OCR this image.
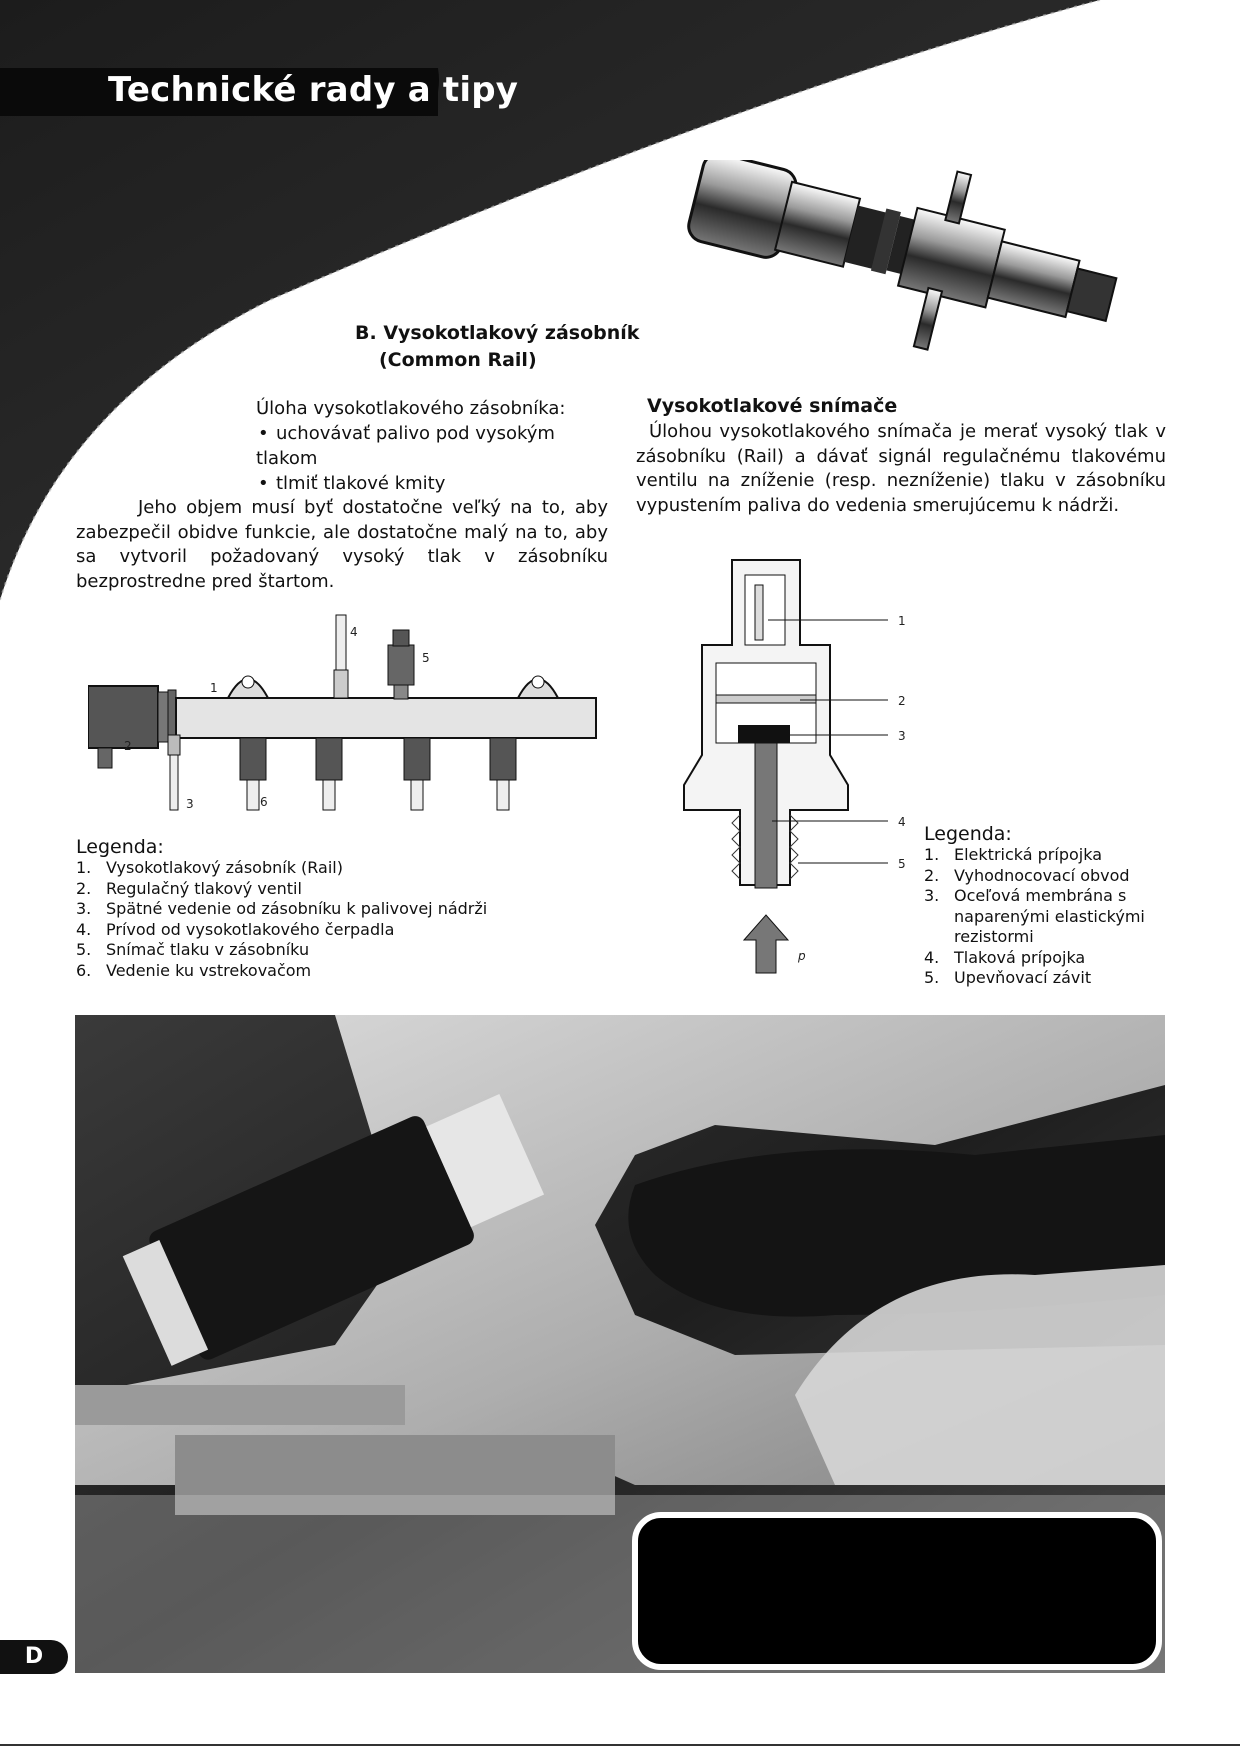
Technické rady a tipy
B. Vysokotlakový zásobník
(Common Rail)
Úloha vysokotlakového zásobníka:
• uchovávať palivo pod vysokým tlakom
• tlmiť tlakové kmity
Jeho objem musí byť dostatočne veľký na to, aby zabezpečil obidve funkcie, ale dostatočne malý na to, aby sa vytvoril požadovaný vysoký tlak v zásobníku bezprostredne pred štartom.
Vysokotlakové snímače
Úlohou vysokotlakového snímača je merať vysoký tlak v zásobníku (Rail) a dávať signál regulačnému tlakovému ventilu na zníženie (resp. nezníženie) tlaku v zásobníku vypustením paliva do vedenia smerujúcemu k nádrži.
1
2
3
4
5
6
1
2
3
4
5
p
Legenda:
1. Vysokotlakový zásobník (Rail)
2. Regulačný tlakový ventil
3. Spätné vedenie od zásobníku k palivovej nádrži
4. Prívod od vysokotlakového čerpadla
5. Snímač tlaku v zásobníku
6. Vedenie ku vstrekovačom
Legenda:
1. Elektrická prípojka
2. Vyhodnocovací obvod
3. Oceľová membrána s naparenými elastickými rezistormi
4. Tlaková prípojka
5. Upevňovací závit
D
